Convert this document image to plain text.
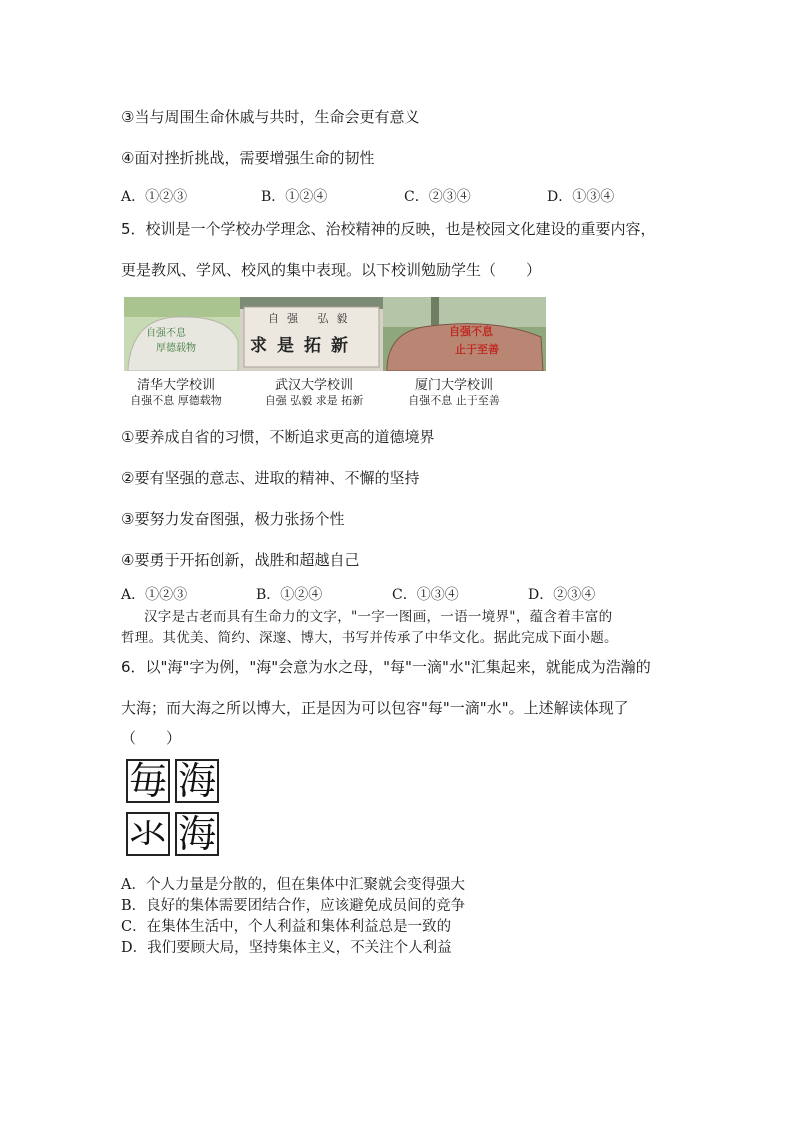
③当与周围生命休戚与共时，生命会更有意义
④面对挫折挑战，需要增强生命的韧性
A．①②③	B．①②④	C．②③④	D．①③④
5．校训是一个学校办学理念、治校精神的反映，也是校园文化建设的重要内容，
更是教风、学风、校风的集中表现。以下校训勉励学生（　　）
自强不息
厚德载物
自强 弘毅
求是拓新
自强不息
止于至善
清华大学校训
自强不息 厚德载物
武汉大学校训
自强 弘毅 求是 拓新
厦门大学校训
自强不息 止于至善
①要养成自省的习惯，不断追求更高的道德境界
②要有坚强的意志、进取的精神、不懈的坚持
③要努力发奋图强，极力张扬个性
④要勇于开拓创新，战胜和超越自己
A．①②③	B．①②④	C．①③④	D．②③④
汉字是古老而具有生命力的文字，"一字一图画，一语一境界"，蕴含着丰富的
哲理。其优美、简约、深邃、博大，书写并传承了中华文化。据此完成下面小题。
6．以"海"字为例，"海"会意为水之母，"每"一滴"水"汇集起来，就能成为浩瀚的
大海；而大海之所以博大，正是因为可以包容"每"一滴"水"。上述解读体现了
（　　）
毎 海
氺 海
A．个人力量是分散的，但在集体中汇聚就会变得强大
B．良好的集体需要团结合作，应该避免成员间的竞争
C．在集体生活中，个人利益和集体利益总是一致的
D．我们要顾大局，坚持集体主义，不关注个人利益
